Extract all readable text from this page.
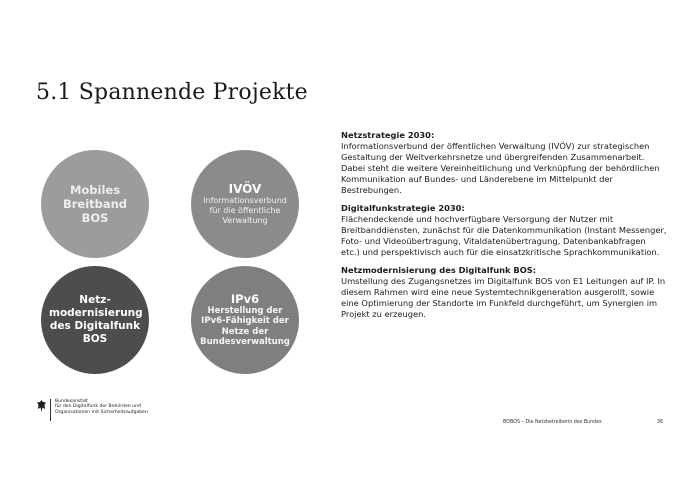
5.1 Spannende Projekte
Mobiles Breitband BOS
IVÖV
Informationsverbund für die öffentliche Verwaltung
Netz-modernisierung des Digitalfunk BOS
IPv6
Herstellung der IPv6-Fähigkeit der Netze der Bundesverwaltung
Netzstrategie 2030:

Informationsverbund der öffentlichen Verwaltung (IVÖV) zur strategischen Gestaltung der Weitverkehrsnetze und übergreifenden Zusammenarbeit. Dabei steht die weitere Vereinheitlichung und Verknüpfung der behördlichen Kommunikation auf Bundes- und Länderebene im Mittelpunkt der Bestrebungen.

Digitalfunkstrategie 2030:

Flächendeckende und hochverfügbare Versorgung der Nutzer mit Breitbanddiensten, zunächst für die Datenkommunikation (Instant Messenger, Foto- und Videoübertragung, Vitaldatenübertragung, Datenbankabfragen etc.) und perspektivisch auch für die einsatzkritische Sprachkommunikation.

Netzmodernisierung des Digitalfunk BOS:

Umstellung des Zugangsnetzes im Digitalfunk BOS von E1 Leitungen auf IP. In diesem Rahmen wird eine neue Systemtechnikgeneration ausgerollt, sowie eine Optimierung der Standorte im Funkfeld durchgeführt, um Synergien im Projekt zu erzeugen.

Bundesanstalt
für den Digitalfunk der Behörden und
Organisationen mit Sicherheitsaufgaben
BDBOS – Die Netzbetreiberin des Bundes	36
